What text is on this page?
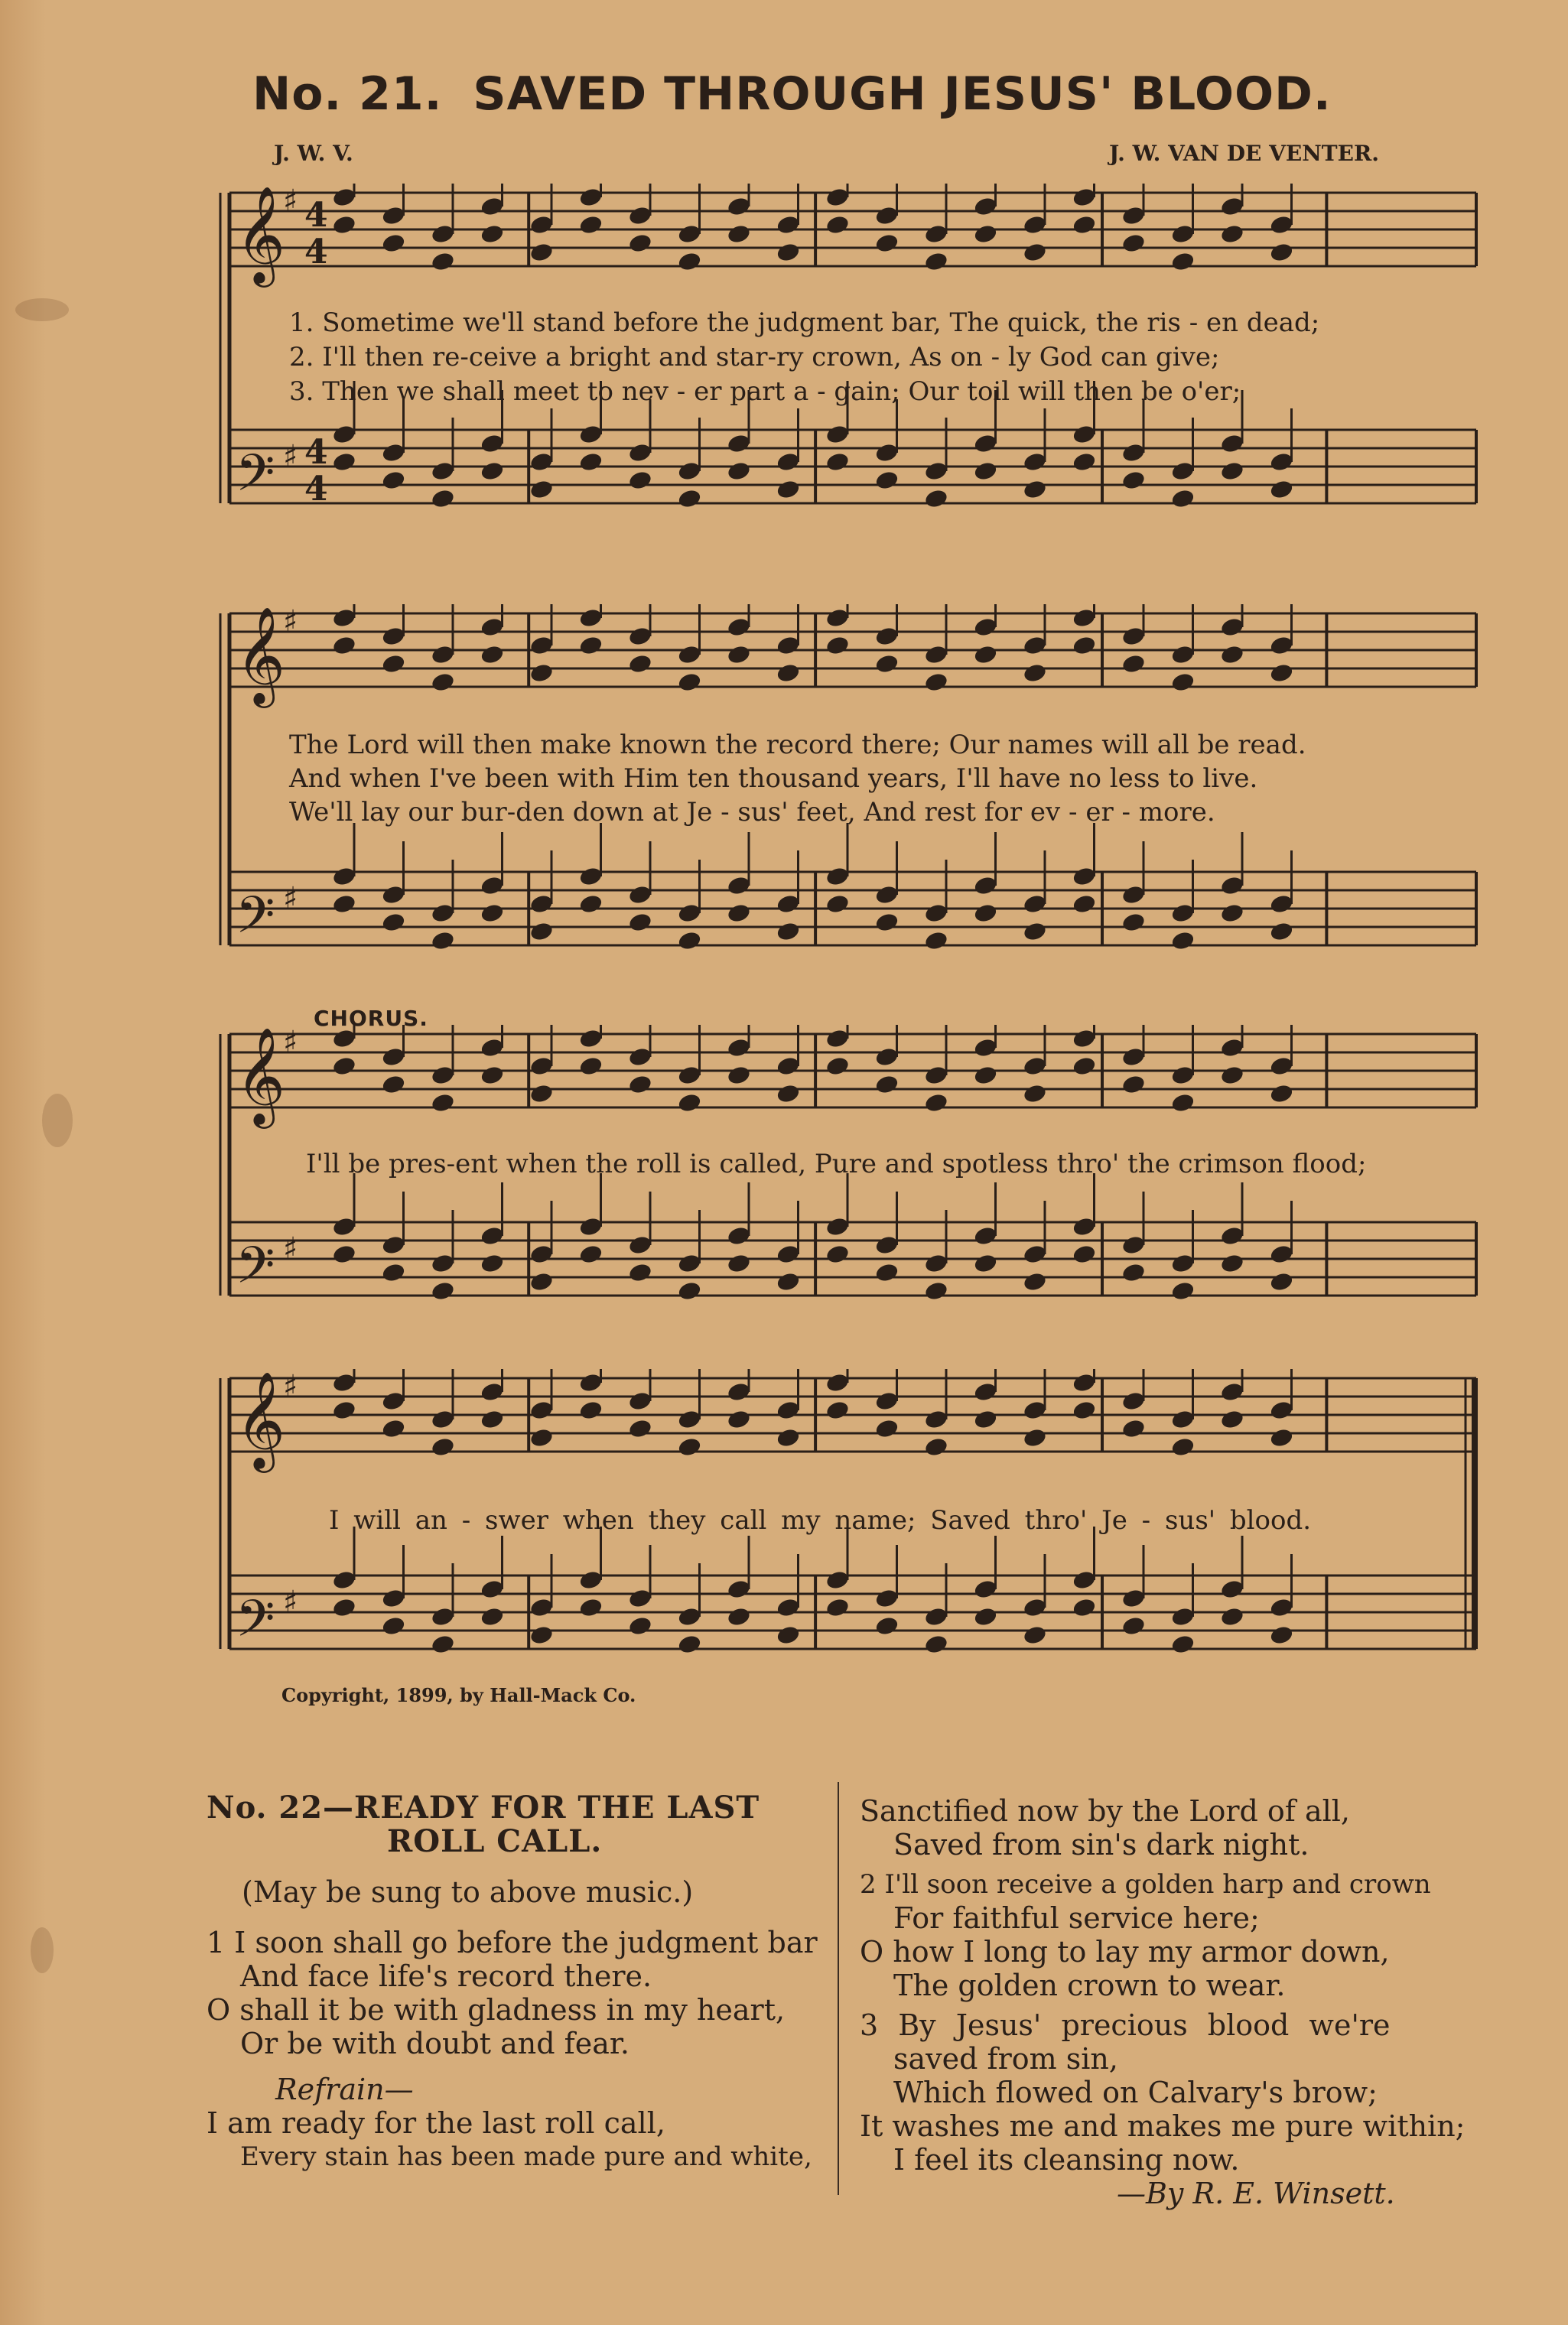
No. 21. SAVED THROUGH JESUS' BLOOD.
J. W. V.	J. W. VAN DE VENTER.
𝄞
♯ 4
4
𝄢 ♯ 4
4
1. Sometime we'll stand before the judgment bar, The quick, the ris - en dead;
2. I'll then re-ceive a bright and star-ry crown, As on - ly God can give;
3. Then we shall meet to nev - er part a - gain; Our toil will then be o'er;
𝄞
♯
𝄢 ♯
The Lord will then make known the record there; Our names will all be read.
And when I've been with Him ten thousand years, I'll have no less to live.
We'll lay our bur-den down at Je - sus' feet, And rest for ev - er - more.
CHORUS.
𝄞
♯
𝄢 ♯
I'll be pres-ent when the roll is called, Pure and spotless thro' the crimson flood;
𝄞
♯
𝄢 ♯
I will an - swer when they call my name; Saved thro' Je - sus' blood.
Copyright, 1899, by Hall-Mack Co.
No. 22—READY FOR THE LAST
ROLL CALL.
(May be sung to above music.)
1 I soon shall go before the judgment bar
And face life's record there.
O shall it be with gladness in my heart,
Or be with doubt and fear.
Refrain—
I am ready for the last roll call,
Every stain has been made pure and white,
Sanctified now by the Lord of all,
Saved from sin's dark night.
2 I'll soon receive a golden harp and crown
For faithful service here;
O how I long to lay my armor down,
The golden crown to wear.
3 By Jesus' precious blood we're
saved from sin,
Which flowed on Calvary's brow;
It washes me and makes me pure within;
I feel its cleansing now.
—By R. E. Winsett.
